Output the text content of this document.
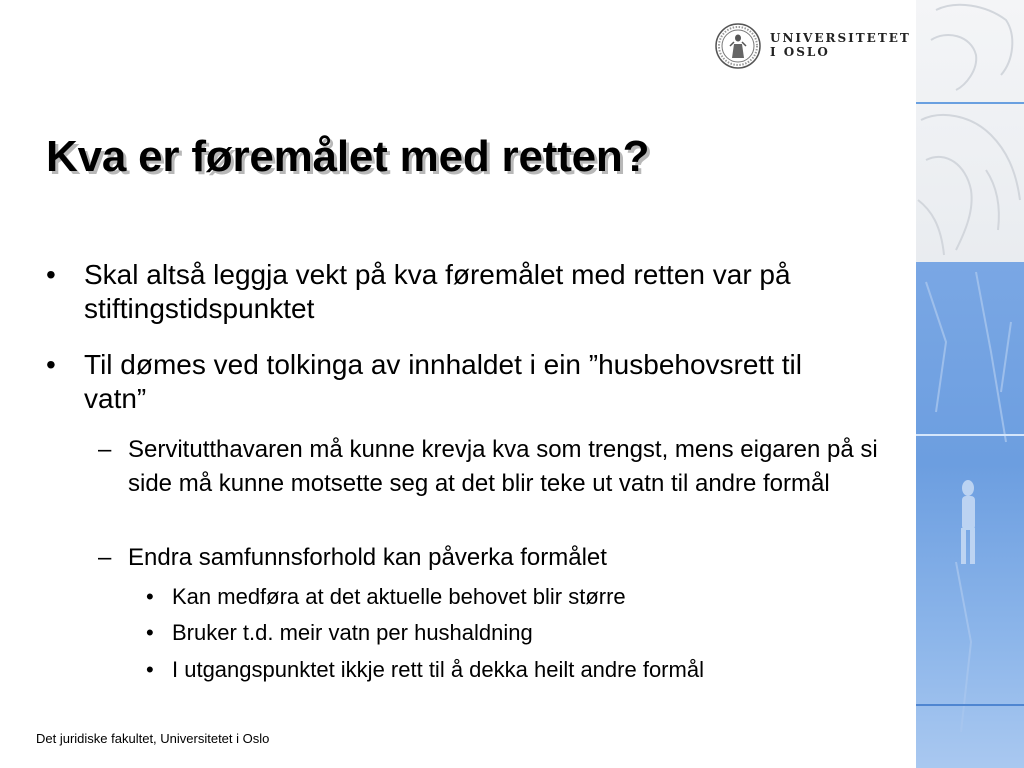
UNIVERSITETET
I OSLO
Kva er føremålet med retten?
• Skal altså leggja vekt på kva føremålet med retten var på stiftingstidspunktet
• Til dømes ved tolkinga av innhaldet i ein ”husbehovsrett til vatn”
– Servitutthavaren må kunne krevja kva som trengst, mens eigaren på si side må kunne motsette seg at det blir teke ut vatn til andre formål
– Endra samfunnsforhold kan påverka formålet
• Kan medføra at det aktuelle behovet blir større
• Bruker t.d. meir vatn per hushaldning
• I utgangspunktet ikkje rett til å dekka heilt andre formål
Det juridiske fakultet, Universitetet i Oslo
